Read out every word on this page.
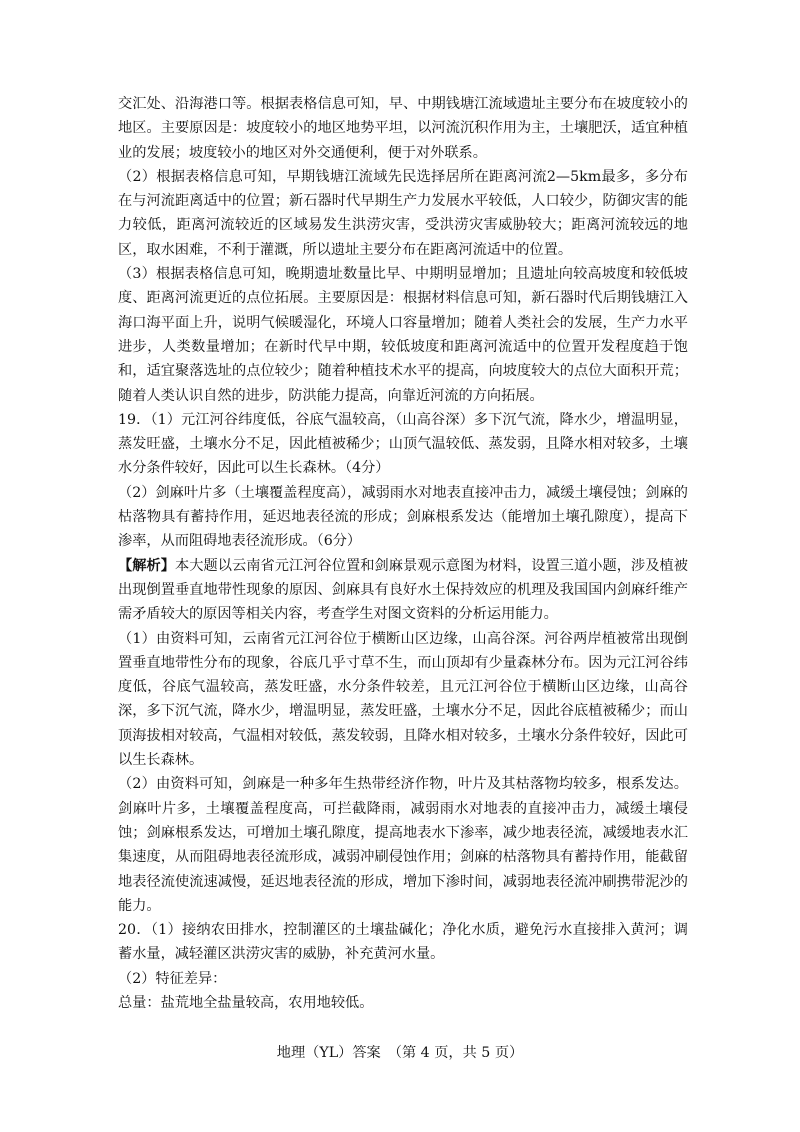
交汇处、沿海港口等。根据表格信息可知，早、中期钱塘江流域遗址主要分布在坡度较小的地区。主要原因是：坡度较小的地区地势平坦，以河流沉积作用为主，土壤肥沃，适宜种植业的发展；坡度较小的地区对外交通便利，便于对外联系。

（2）根据表格信息可知，早期钱塘江流域先民选择居所在距离河流2—5km最多，多分布在与河流距离适中的位置；新石器时代早期生产力发展水平较低，人口较少，防御灾害的能力较低，距离河流较近的区域易发生洪涝灾害，受洪涝灾害威胁较大；距离河流较远的地区，取水困难，不利于灌溉，所以遗址主要分布在距离河流适中的位置。

（3）根据表格信息可知，晚期遗址数量比早、中期明显增加；且遗址向较高坡度和较低坡度、距离河流更近的点位拓展。主要原因是：根据材料信息可知，新石器时代后期钱塘江入海口海平面上升，说明气候暖湿化，环境人口容量增加；随着人类社会的发展，生产力水平进步，人类数量增加；在新时代早中期，较低坡度和距离河流适中的位置开发程度趋于饱和，适宜聚落选址的点位较少；随着种植技术水平的提高，向坡度较大的点位大面积开荒；随着人类认识自然的进步，防洪能力提高，向靠近河流的方向拓展。

19．（1）元江河谷纬度低，谷底气温较高，（山高谷深）多下沉气流，降水少，增温明显，蒸发旺盛，土壤水分不足，因此植被稀少；山顶气温较低、蒸发弱，且降水相对较多，土壤水分条件较好，因此可以生长森林。（4分）

（2）剑麻叶片多（土壤覆盖程度高），减弱雨水对地表直接冲击力，减缓土壤侵蚀；剑麻的枯落物具有蓄持作用，延迟地表径流的形成；剑麻根系发达（能增加土壤孔隙度），提高下渗率，从而阻碍地表径流形成。（6分）

【解析】本大题以云南省元江河谷位置和剑麻景观示意图为材料，设置三道小题，涉及植被出现倒置垂直地带性现象的原因、剑麻具有良好水土保持效应的机理及我国国内剑麻纤维产需矛盾较大的原因等相关内容，考查学生对图文资料的分析运用能力。

（1）由资料可知，云南省元江河谷位于横断山区边缘，山高谷深。河谷两岸植被常出现倒置垂直地带性分布的现象，谷底几乎寸草不生，而山顶却有少量森林分布。因为元江河谷纬度低，谷底气温较高，蒸发旺盛，水分条件较差，且元江河谷位于横断山区边缘，山高谷深，多下沉气流，降水少，增温明显，蒸发旺盛，土壤水分不足，因此谷底植被稀少；而山顶海拔相对较高，气温相对较低，蒸发较弱，且降水相对较多，土壤水分条件较好，因此可以生长森林。

（2）由资料可知，剑麻是一种多年生热带经济作物，叶片及其枯落物均较多，根系发达。剑麻叶片多，土壤覆盖程度高，可拦截降雨，减弱雨水对地表的直接冲击力，减缓土壤侵蚀；剑麻根系发达，可增加土壤孔隙度，提高地表水下渗率，减少地表径流，减缓地表水汇集速度，从而阻碍地表径流形成，减弱冲刷侵蚀作用；剑麻的枯落物具有蓄持作用，能截留地表径流使流速减慢，延迟地表径流的形成，增加下渗时间，减弱地表径流冲刷携带泥沙的能力。

20．（1）接纳农田排水，控制灌区的土壤盐碱化；净化水质，避免污水直接排入黄河；调蓄水量，减轻灌区洪涝灾害的威胁，补充黄河水量。

（2）特征差异：

总量：盐荒地全盐量较高，农用地较低。

地理（YL）答案　（第 4 页，共 5 页）
